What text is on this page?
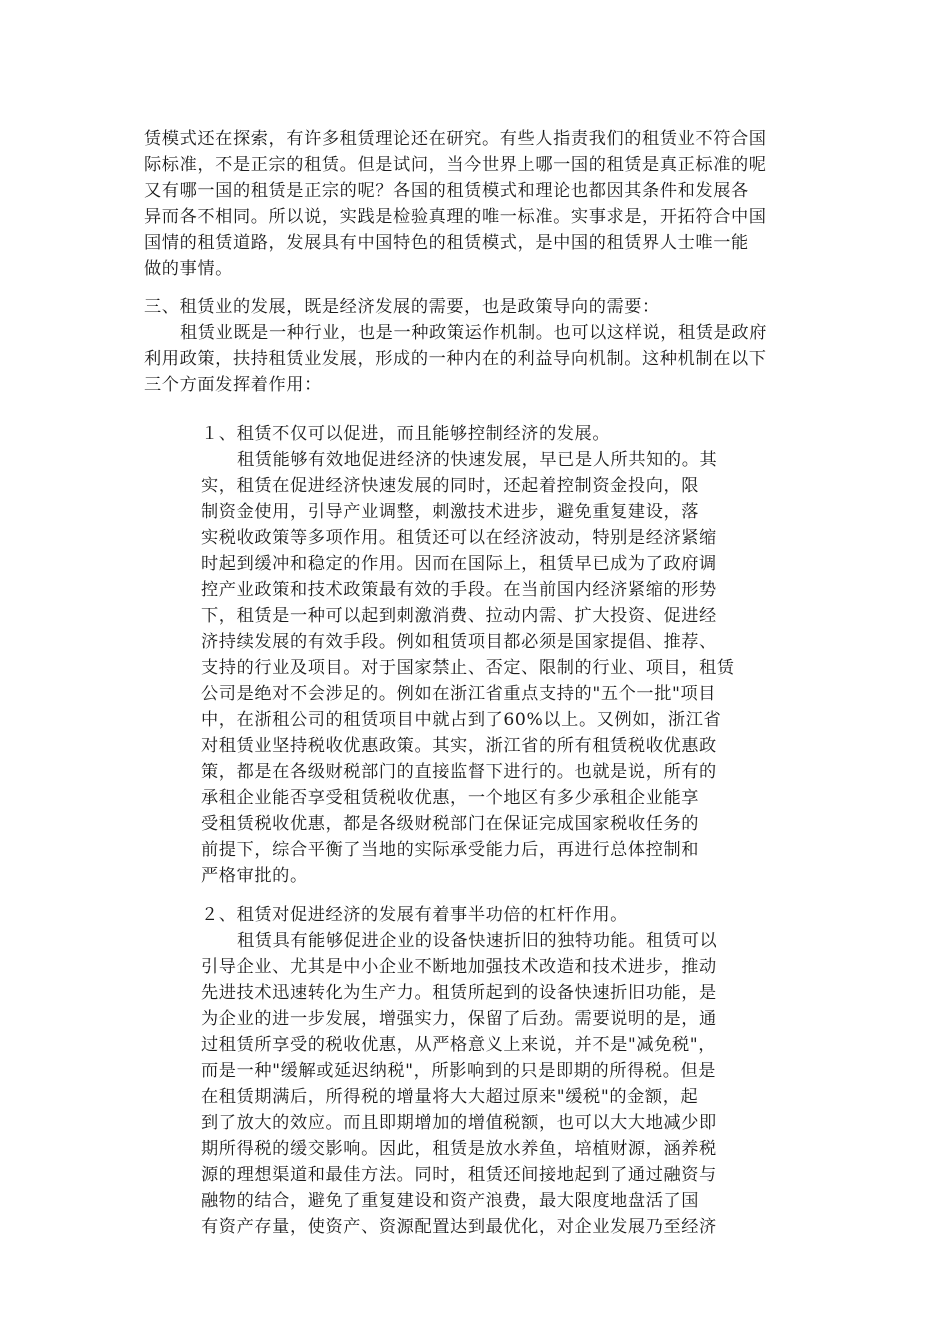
赁模式还在探索，有许多租赁理论还在研究。有些人指责我们的租赁业不符合国

际标准，不是正宗的租赁。但是试问，当今世界上哪一国的租赁是真正标准的呢

又有哪一国的租赁是正宗的呢？各国的租赁模式和理论也都因其条件和发展各

异而各不相同。所以说，实践是检验真理的唯一标准。实事求是，开拓符合中国

国情的租赁道路，发展具有中国特色的租赁模式，是中国的租赁界人士唯一能

做的事情。

三、租赁业的发展，既是经济发展的需要，也是政策导向的需要：

租赁业既是一种行业，也是一种政策运作机制。也可以这样说，租赁是政府

利用政策，扶持租赁业发展，形成的一种内在的利益导向机制。这种机制在以下

三个方面发挥着作用：

１、租赁不仅可以促进，而且能够控制经济的发展。

租赁能够有效地促进经济的快速发展，早已是人所共知的。其

实，租赁在促进经济快速发展的同时，还起着控制资金投向，限

制资金使用，引导产业调整，刺激技术进步，避免重复建设，落

实税收政策等多项作用。租赁还可以在经济波动，特别是经济紧缩

时起到缓冲和稳定的作用。因而在国际上，租赁早已成为了政府调

控产业政策和技术政策最有效的手段。在当前国内经济紧缩的形势

下，租赁是一种可以起到刺激消费、拉动内需、扩大投资、促进经

济持续发展的有效手段。例如租赁项目都必须是国家提倡、推荐、

支持的行业及项目。对于国家禁止、否定、限制的行业、项目，租赁

公司是绝对不会涉足的。例如在浙江省重点支持的"五个一批"项目

中，在浙租公司的租赁项目中就占到了60%以上。又例如，浙江省

对租赁业坚持税收优惠政策。其实，浙江省的所有租赁税收优惠政

策，都是在各级财税部门的直接监督下进行的。也就是说，所有的

承租企业能否享受租赁税收优惠，一个地区有多少承租企业能享

受租赁税收优惠，都是各级财税部门在保证完成国家税收任务的

前提下，综合平衡了当地的实际承受能力后，再进行总体控制和

严格审批的。

２、租赁对促进经济的发展有着事半功倍的杠杆作用。

租赁具有能够促进企业的设备快速折旧的独特功能。租赁可以

引导企业、尤其是中小企业不断地加强技术改造和技术进步，推动

先进技术迅速转化为生产力。租赁所起到的设备快速折旧功能，是

为企业的进一步发展，增强实力，保留了后劲。需要说明的是，通

过租赁所享受的税收优惠，从严格意义上来说，并不是"减免税"，

而是一种"缓解或延迟纳税"，所影响到的只是即期的所得税。但是

在租赁期满后，所得税的增量将大大超过原来"缓税"的金额，起

到了放大的效应。而且即期增加的增值税额，也可以大大地减少即

期所得税的缓交影响。因此，租赁是放水养鱼，培植财源，涵养税

源的理想渠道和最佳方法。同时，租赁还间接地起到了通过融资与

融物的结合，避免了重复建设和资产浪费，最大限度地盘活了国

有资产存量，使资产、资源配置达到最优化，对企业发展乃至经济
